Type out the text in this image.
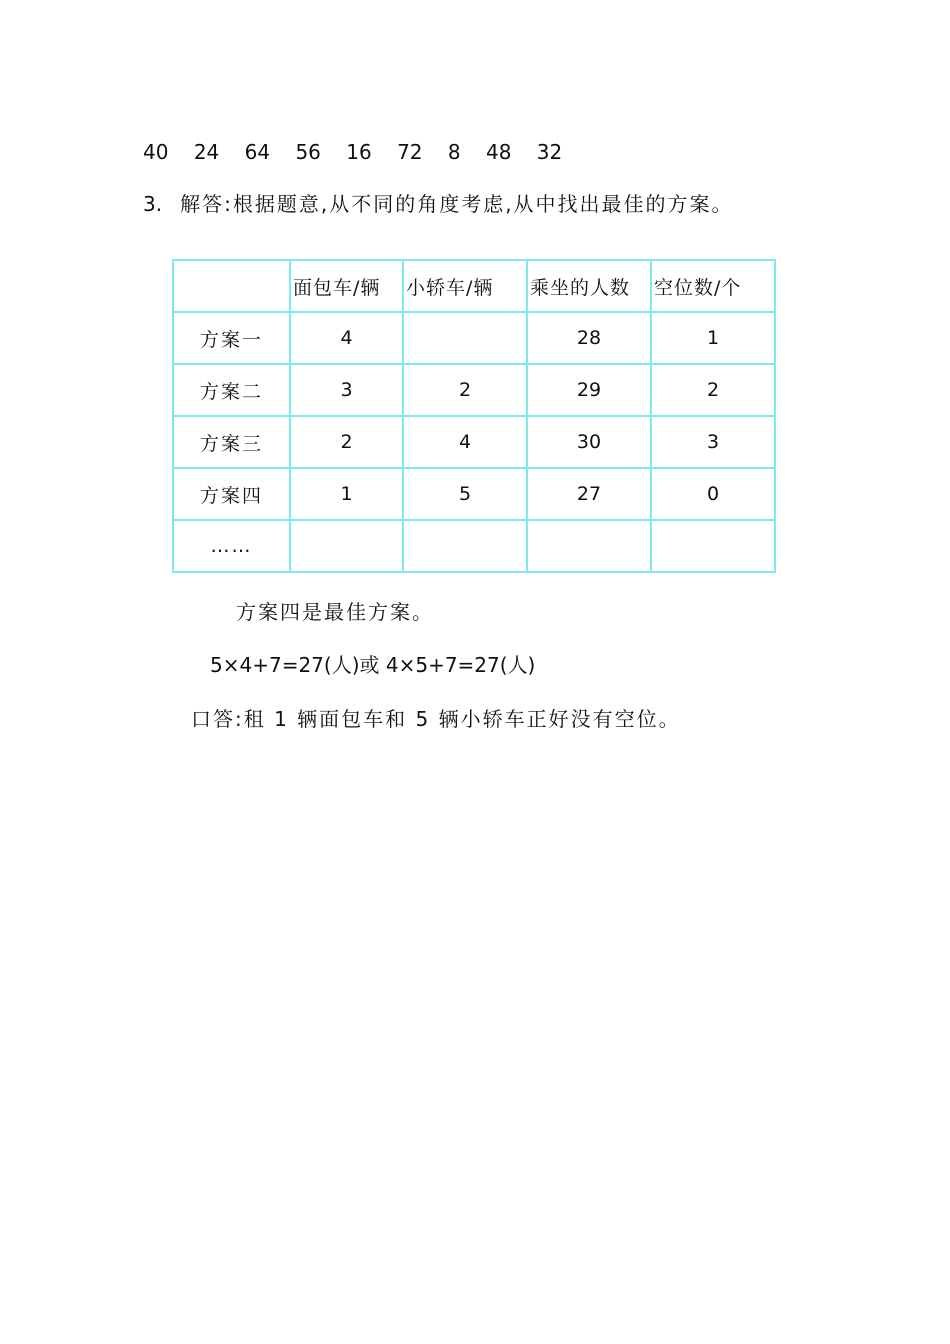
40 24 64 56 16 72 8 48 32
3. 解答:根据题意,从不同的角度考虑,从中找出最佳的方案。
	面包车/辆	小轿车/辆	乘坐的人数	空位数/个
方案一	4		28	1
方案二	3	2	29	2
方案三	2	4	30	3
方案四	1	5	27	0
……				
方案四是最佳方案。
5×4+7=27(人)或 4×5+7=27(人)
口答:租 1 辆面包车和 5 辆小轿车正好没有空位。
